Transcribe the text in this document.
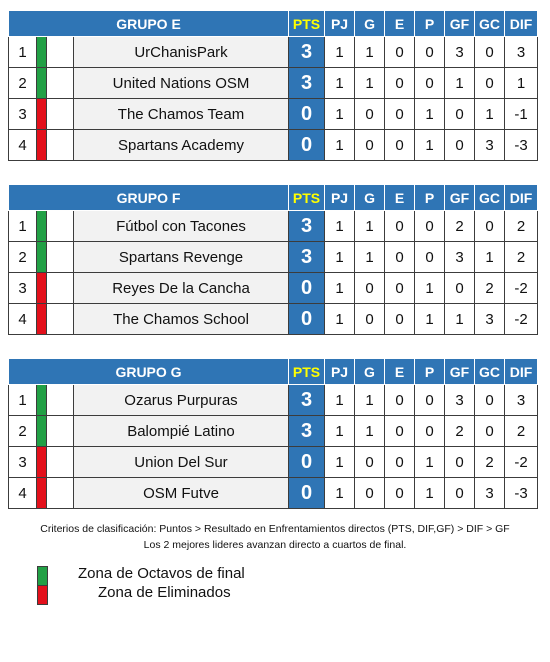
GRUPO E				PTS	PJ	G	E	P	GF	GC	DIF
1			UrChanisPark	3	1	1	0	0	3	0	3
2			United Nations OSM	3	1	1	0	0	1	0	1
3			The Chamos Team	0	1	0	0	1	0	1	-1
4			Spartans Academy	0	1	0	0	1	0	3	-3
GRUPO F				PTS	PJ	G	E	P	GF	GC	DIF
1			Fútbol con Tacones	3	1	1	0	0	2	0	2
2			Spartans Revenge	3	1	1	0	0	3	1	2
3			Reyes De la Cancha	0	1	0	0	1	0	2	-2
4			The Chamos School	0	1	0	0	1	1	3	-2
GRUPO G				PTS	PJ	G	E	P	GF	GC	DIF
1			Ozarus Purpuras	3	1	1	0	0	3	0	3
2			Balompié Latino	3	1	1	0	0	2	0	2
3			Union Del Sur	0	1	0	0	1	0	2	-2
4			OSM Futve	0	1	0	0	1	0	3	-3
Criterios de clasificación: Puntos > Resultado en Enfrentamientos directos (PTS, DIF,GF) > DIF > GF
Los 2 mejores lideres avanzan directo a cuartos de final.
Zona de Octavos de final
Zona de Eliminados
